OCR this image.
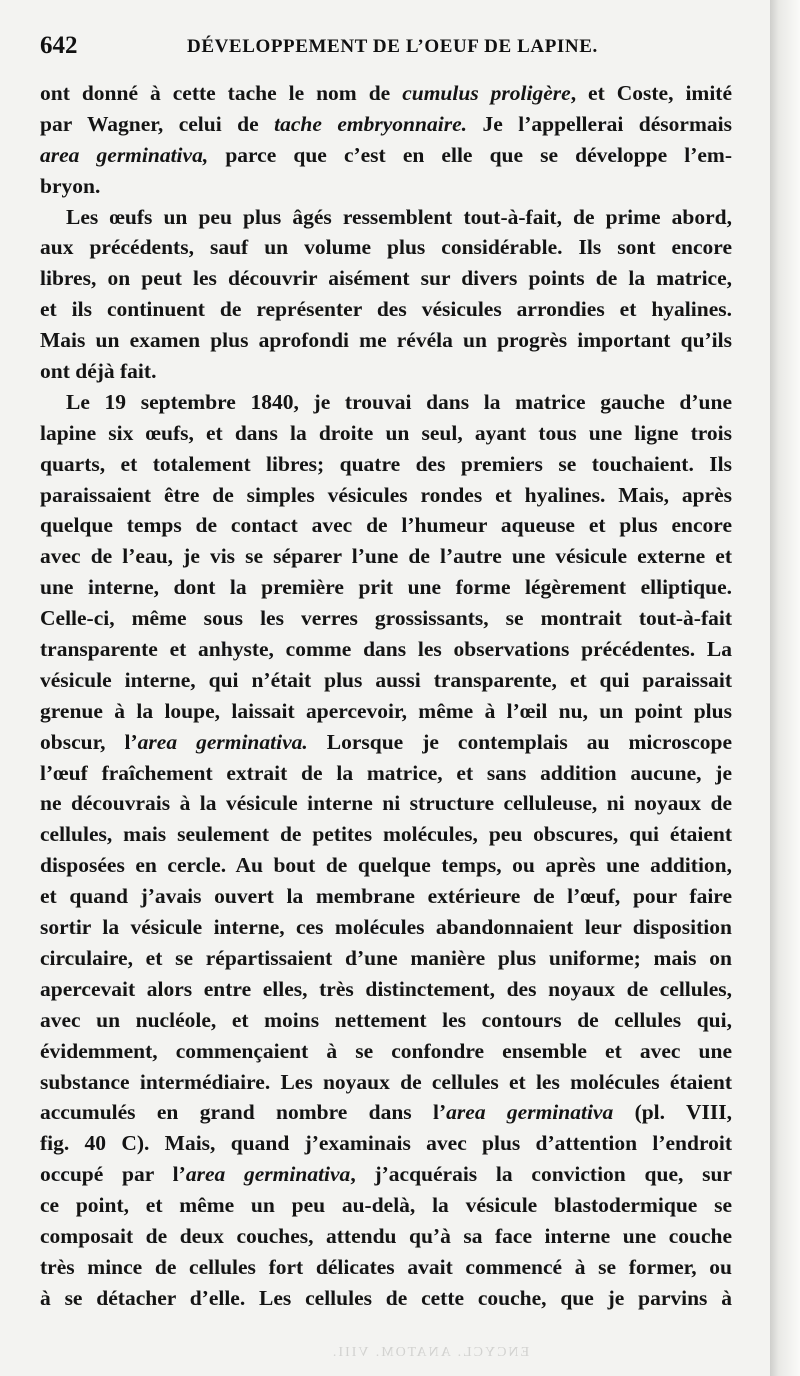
642	DÉVELOPPEMENT DE L’OEUF DE LAPINE.
ont donné à cette tache le nom de cumulus proligère, et Coste, imité
par Wagner, celui de tache embryonnaire. Je l’appellerai désormais
area germinativa, parce que c’est en elle que se développe l’em-
bryon.
Les œufs un peu plus âgés ressemblent tout-à-fait, de prime abord,
aux précédents, sauf un volume plus considérable. Ils sont encore
libres, on peut les découvrir aisément sur divers points de la matrice,
et ils continuent de représenter des vésicules arrondies et hyalines.
Mais un examen plus aprofondi me révéla un progrès important qu’ils
ont déjà fait.
Le 19 septembre 1840, je trouvai dans la matrice gauche d’une
lapine six œufs, et dans la droite un seul, ayant tous une ligne trois
quarts, et totalement libres; quatre des premiers se touchaient. Ils
paraissaient être de simples vésicules rondes et hyalines. Mais, après
quelque temps de contact avec de l’humeur aqueuse et plus encore
avec de l’eau, je vis se séparer l’une de l’autre une vésicule externe et
une interne, dont la première prit une forme légèrement elliptique.
Celle-ci, même sous les verres grossissants, se montrait tout-à-fait
transparente et anhyste, comme dans les observations précédentes. La
vésicule interne, qui n’était plus aussi transparente, et qui paraissait
grenue à la loupe, laissait apercevoir, même à l’œil nu, un point plus
obscur, l’area germinativa. Lorsque je contemplais au microscope
l’œuf fraîchement extrait de la matrice, et sans addition aucune, je
ne découvrais à la vésicule interne ni structure celluleuse, ni noyaux de
cellules, mais seulement de petites molécules, peu obscures, qui étaient
disposées en cercle. Au bout de quelque temps, ou après une addition,
et quand j’avais ouvert la membrane extérieure de l’œuf, pour faire
sortir la vésicule interne, ces molécules abandonnaient leur disposition
circulaire, et se répartissaient d’une manière plus uniforme; mais on
apercevait alors entre elles, très distinctement, des noyaux de cellules,
avec un nucléole, et moins nettement les contours de cellules qui,
évidemment, commençaient à se confondre ensemble et avec une
substance intermédiaire. Les noyaux de cellules et les molécules étaient
accumulés en grand nombre dans l’area germinativa (pl. VIII,
fig. 40 C). Mais, quand j’examinais avec plus d’attention l’endroit
occupé par l’area germinativa, j’acquérais la conviction que, sur
ce point, et même un peu au-delà, la vésicule blastodermique se
composait de deux couches, attendu qu’à sa face interne une couche
très mince de cellules fort délicates avait commencé à se former, ou
à se détacher d’elle. Les cellules de cette couche, que je parvins à
ENCYCL. ANATOM. VIII.
